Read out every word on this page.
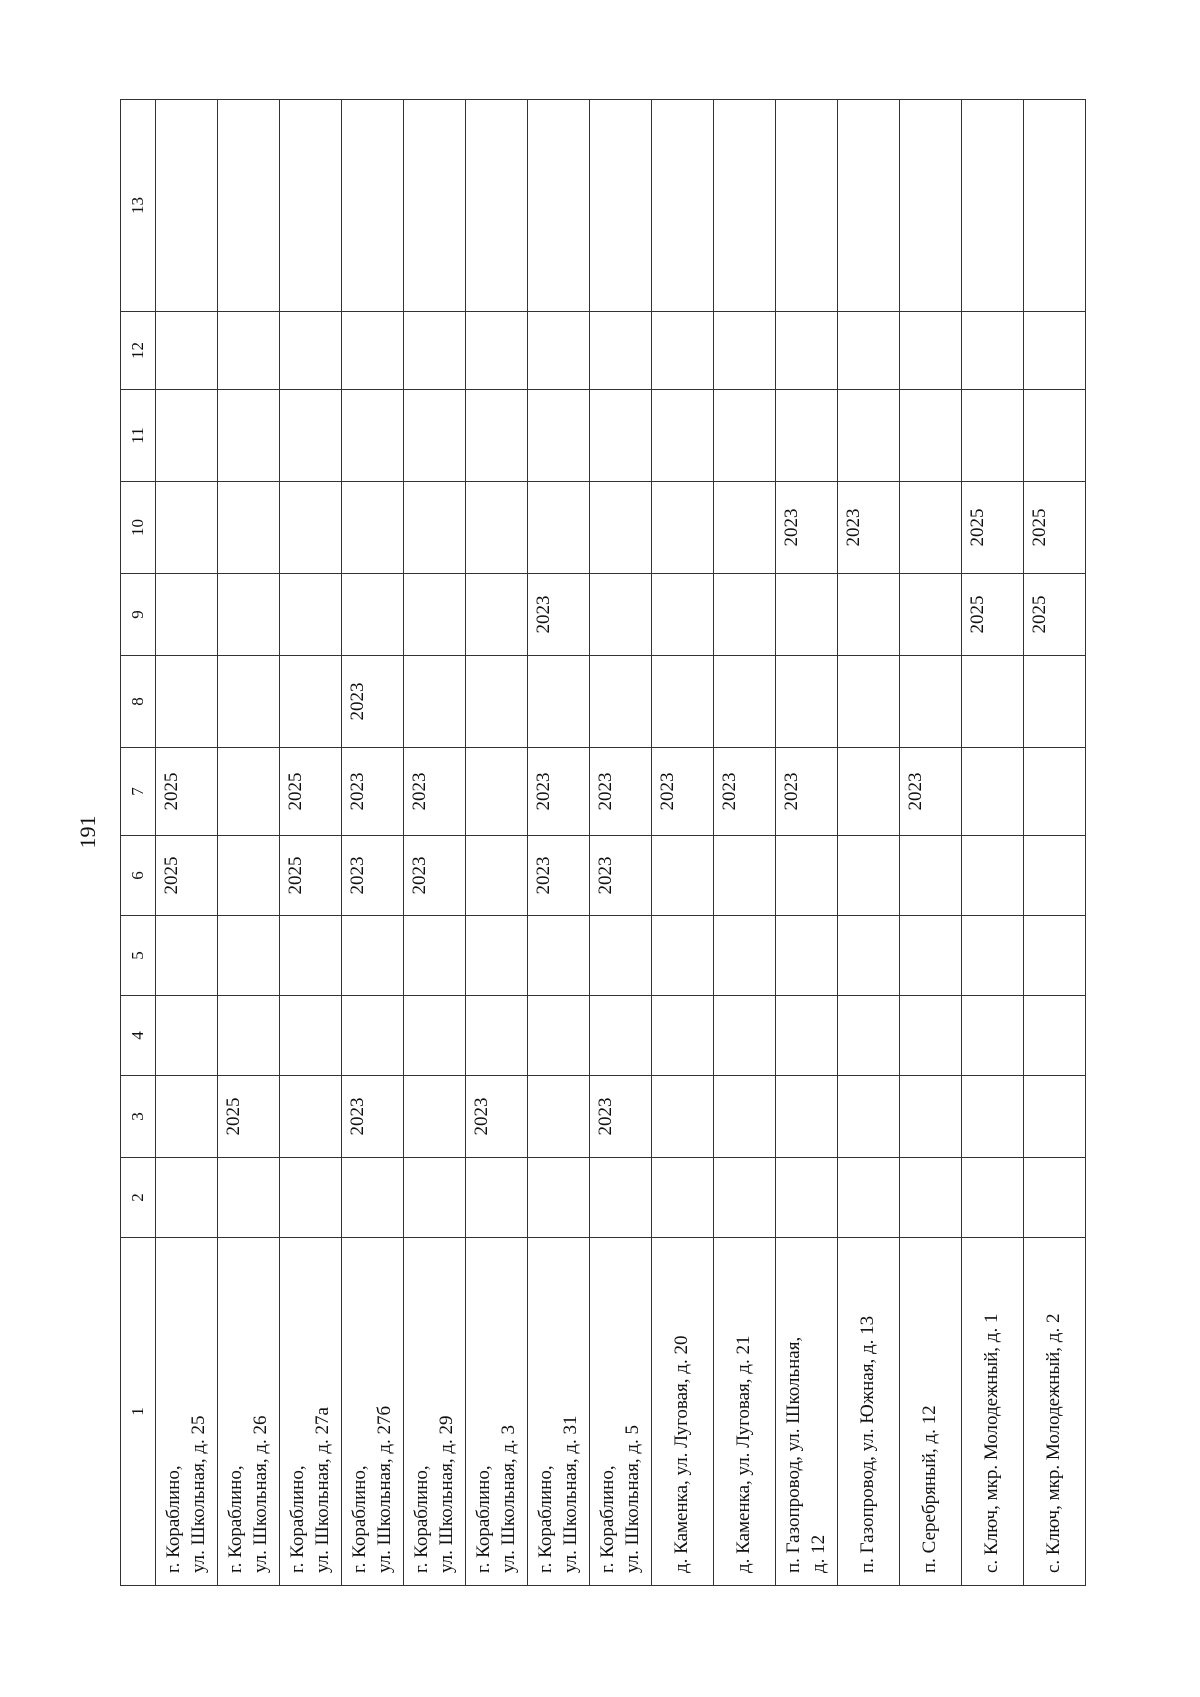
191
1	2	3	4	5	6	7	8	9	10	11	12	13
г. Кораблино,
ул. Школьная, д. 25					2025	2025						
г. Кораблино,
ул. Школьная, д. 26		2025										
г. Кораблино,
ул. Школьная, д. 27а					2025	2025						
г. Кораблино,
ул. Школьная, д. 27б		2023			2023	2023	2023					
г. Кораблино,
ул. Школьная, д. 29					2023	2023						
г. Кораблино,
ул. Школьная, д. 3		2023										
г. Кораблино,
ул. Школьная, д. 31					2023	2023		2023				
г. Кораблино,
ул. Школьная, д. 5		2023			2023	2023						
д. Каменка, ул. Луговая, д. 20						2023						
д. Каменка, ул. Луговая, д. 21						2023						
п. Газопровод, ул. Школьная,
д. 12						2023			2023			
п. Газопровод, ул. Южная, д. 13									2023			
п. Серебряный, д. 12						2023						
с. Ключ, мкр. Молодежный, д. 1								2025	2025			
с. Ключ, мкр. Молодежный, д. 2								2025	2025			
